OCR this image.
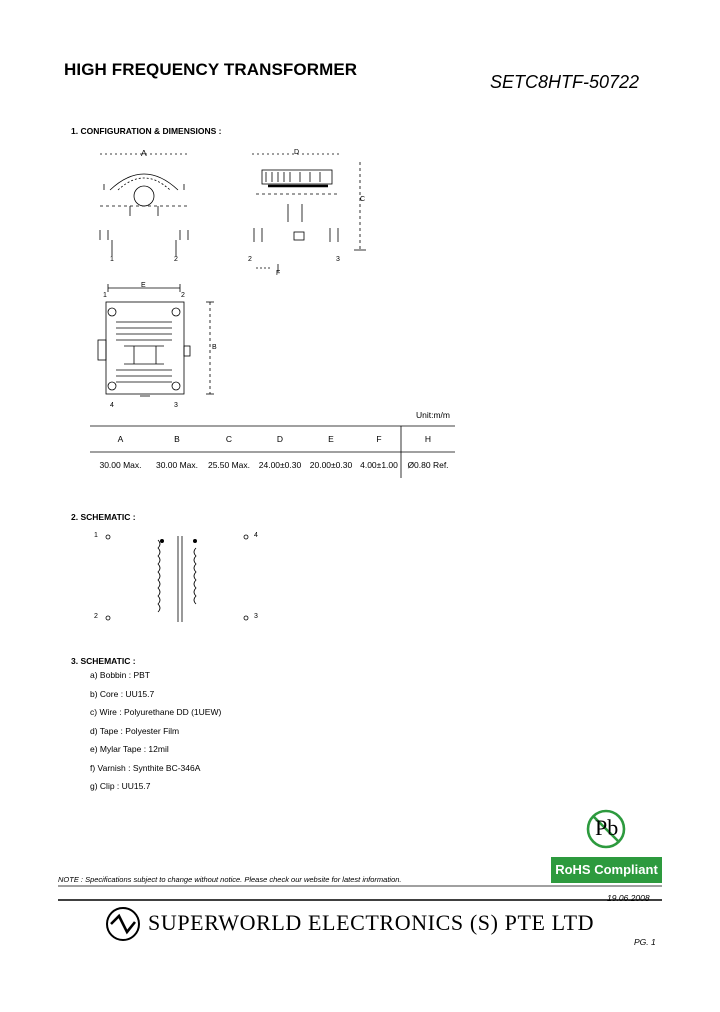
HIGH FREQUENCY TRANSFORMER
SETC8HTF-50722
1. CONFIGURATION & DIMENSIONS :
A
1	2
D
C
F
2	3
E
B
1	2
4	3
Unit:m/m
A	B	C	D	E	F	H
30.00 Max.	30.00 Max.	25.50 Max.	24.00±0.30	20.00±0.30	4.00±1.00	Ø0.80 Ref.
2. SCHEMATIC :
1
2
4
3
3. SCHEMATIC :
a) Bobbin : PBT
b) Core : UU15.7
c) Wire : Polyurethane DD (1UEW)
d) Tape : Polyester Film
e) Mylar Tape : 12mil
f) Varnish : Synthite BC-346A
g) Clip : UU15.7
Pb
RoHS Compliant
NOTE : Specifications subject to change without notice. Please check our website for latest information.
19.06.2008
SUPERWORLD ELECTRONICS (S) PTE LTD
PG. 1
